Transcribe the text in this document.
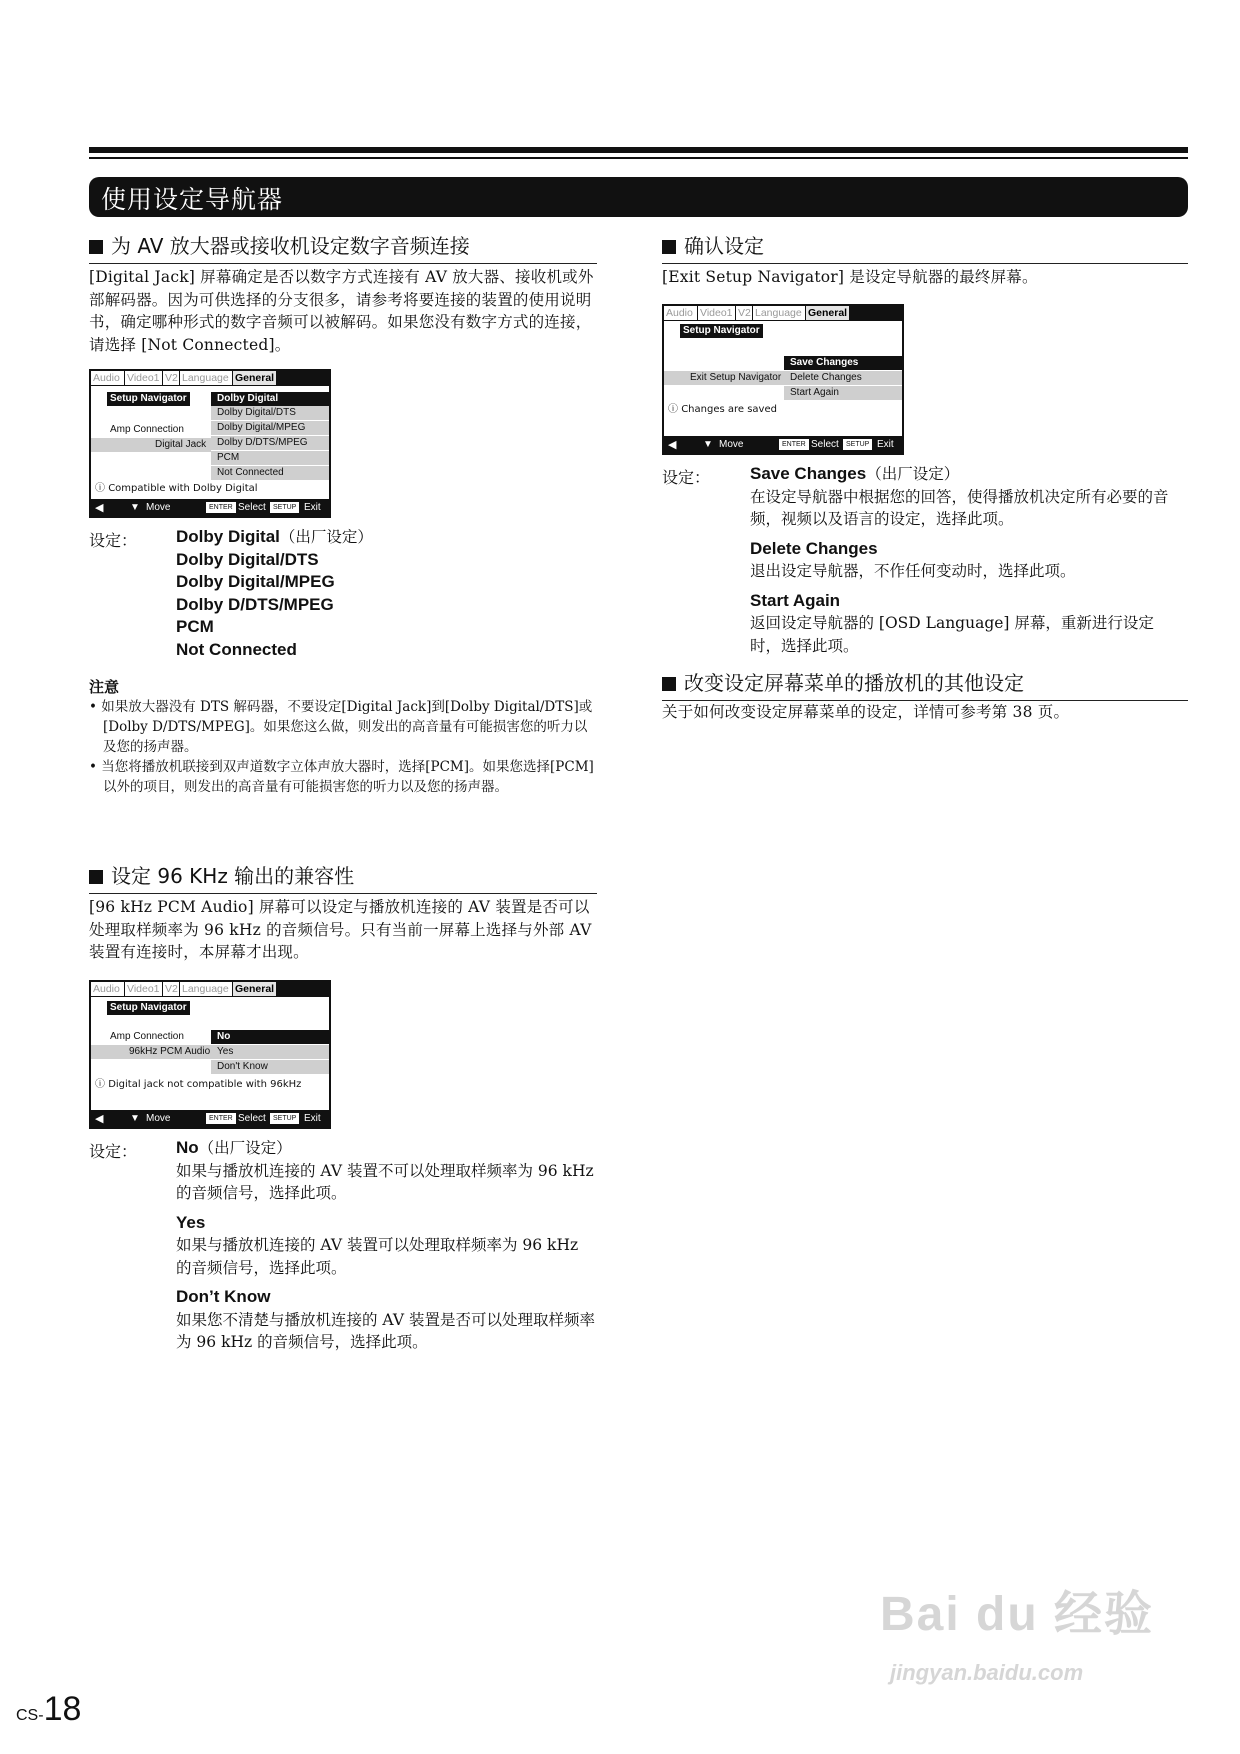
使用设定导航器
为 AV 放大器或接收机设定数字音频连接
[Digital Jack] 屏幕确定是否以数字方式连接有 AV 放大器、接收机或外部解码器。因为可供选择的分支很多，请参考将要连接的装置的使用说明书，确定哪种形式的数字音频可以被解码。如果您没有数字方式的连接，请选择 [Not Connected]。
Audio Video1 V2 Language General
Setup Navigator
Amp Connection
Digital Jack
Dolby Digital
Dolby Digital/DTS
Dolby Digital/MPEG
Dolby D/DTS/MPEG
PCM
Not Connected
ⓘ Compatible with Dolby Digital
◀	▼ Move	ENTER Select	SETUP Exit
设定： Dolby Digital（出厂设定）
Dolby Digital/DTS
Dolby Digital/MPEG
Dolby D/DTS/MPEG
PCM
Not Connected
注意
• 如果放大器没有 DTS 解码器，不要设定[Digital Jack]到[Dolby Digital/DTS]或[Dolby D/DTS/MPEG]。如果您这么做，则发出的高音量有可能损害您的听力以及您的扬声器。
• 当您将播放机联接到双声道数字立体声放大器时，选择[PCM]。如果您选择[PCM]以外的项目，则发出的高音量有可能损害您的听力以及您的扬声器。
设定 96 KHz 输出的兼容性
[96 kHz PCM Audio] 屏幕可以设定与播放机连接的 AV 装置是否可以处理取样频率为 96 kHz 的音频信号。只有当前一屏幕上选择与外部 AV 装置有连接时，本屏幕才出现。
Audio Video1 V2 Language General
Setup Navigator
Amp Connection
96kHz PCM Audio
No
Yes
Don't Know
ⓘ Digital jack not compatible with 96kHz
◀	▼ Move	ENTER Select	SETUP Exit
设定： No（出厂设定）
如果与播放机连接的 AV 装置不可以处理取样频率为 96 kHz 的音频信号，选择此项。
Yes
如果与播放机连接的 AV 装置可以处理取样频率为 96 kHz 的音频信号，选择此项。
Don’t Know
如果您不清楚与播放机连接的 AV 装置是否可以处理取样频率为 96 kHz 的音频信号，选择此项。
确认设定
[Exit Setup Navigator] 是设定导航器的最终屏幕。
Audio Video1 V2 Language General
Setup Navigator
Exit Setup Navigator
Save Changes
Delete Changes
Start Again
ⓘ Changes are saved
◀	▼ Move	ENTER Select	SETUP Exit
设定： Save Changes（出厂设定）
在设定导航器中根据您的回答，使得播放机决定所有必要的音频，视频以及语言的设定，选择此项。
Delete Changes
退出设定导航器，不作任何变动时，选择此项。
Start Again
返回设定导航器的 [OSD Language] 屏幕，重新进行设定时，选择此项。
改变设定屏幕菜单的播放机的其他设定
关于如何改变设定屏幕菜单的设定，详情可参考第 38 页。
CS-18
Bai du 经验
jingyan.baidu.com
